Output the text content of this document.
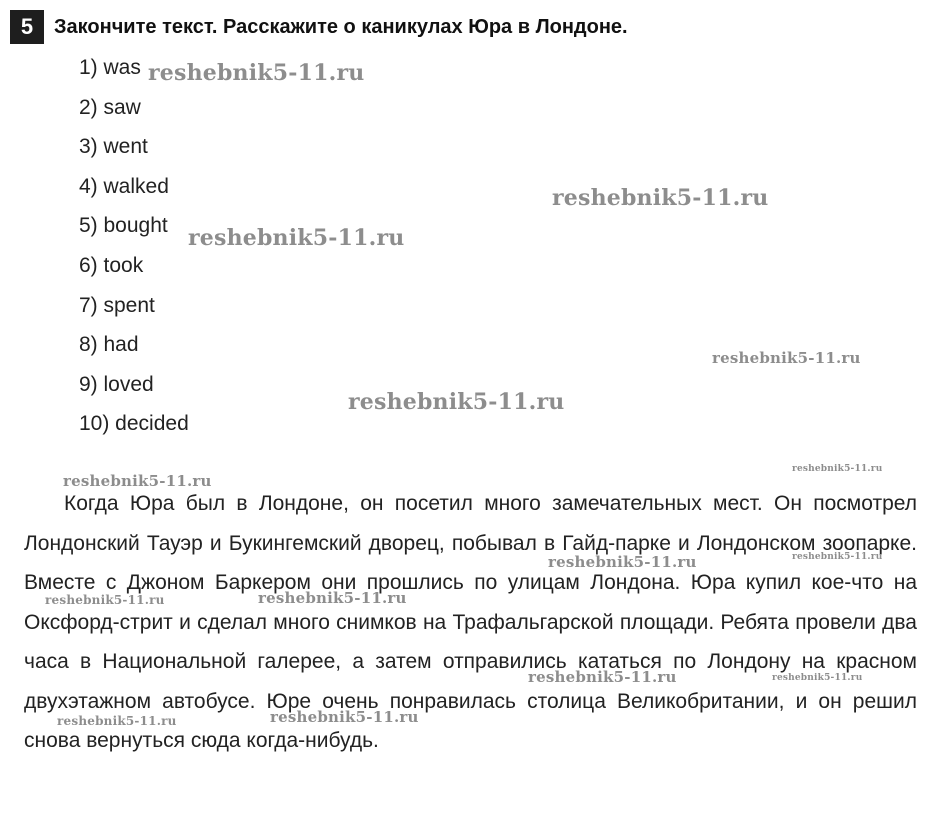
5	Закончите текст. Расскажите о каникулах Юра в Лондоне.
1) was
2) saw
3) went
4) walked
5) bought
6) took
7) spent
8) had
9) loved
10) decided

Когда Юра был в Лондоне, он посетил много замечательных мест. Он посмотрел Лондонский Тауэр и Букингемский дворец, побывал в Гайд-парке и Лондонском зоопарке. Вместе с Джоном Баркером они прошлись по улицам Лондона. Юра купил кое-что на Оксфорд-стрит и сделал много снимков на Трафальгарской площади. Ребята провели два часа в Национальной галерее, а затем отправились кататься по Лондону на красном двухэтажном автобусе. Юре очень понравилась столица Великобритании, и он решил снова вернуться сюда когда-нибудь.

reshebnik5-11.ru
reshebnik5-11.ru
reshebnik5-11.ru
reshebnik5-11.ru
reshebnik5-11.ru
reshebnik5-11.ru
reshebnik5-11.ru
reshebnik5-11.ru	reshebnik5-11.ru
reshebnik5-11.ru	reshebnik5-11.ru
reshebnik5-11.ru	reshebnik5-11.ru
reshebnik5-11.ru	reshebnik5-11.ru
